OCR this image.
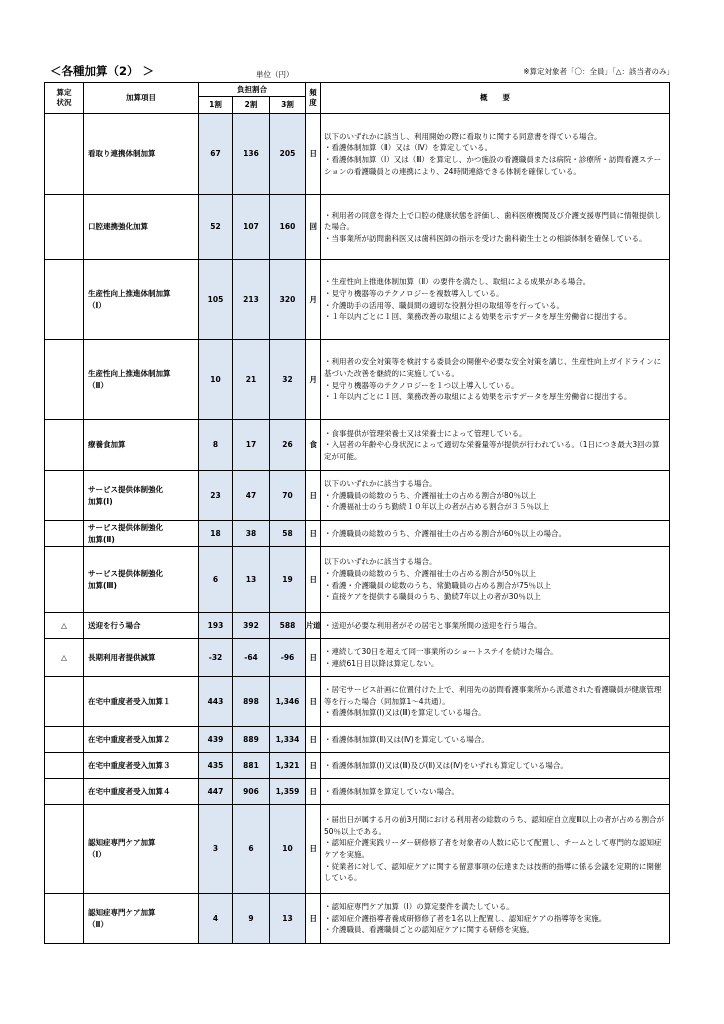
＜各種加算（2） ＞	単位（円）	※算定対象者「〇：全員」「△：該当者のみ」
算定
状況	加算項目	負担割合			頻
度	概　　要
		1割	2割	3割		
	看取り連携体制加算	67	136	205	日	以下のいずれかに該当し、利用開始の際に看取りに関する同意書を得ている場合。
・看護体制加算（Ⅱ）又は（Ⅳ）を算定している。
・看護体制加算（Ⅰ）又は（Ⅲ）を算定し、かつ施設の看護職員または病院・診療所・訪問看護ステーションの看護職員との連携により、24時間連絡できる体制を確保している。

	口腔連携強化加算	52	107	160	回	・利用者の同意を得た上で口腔の健康状態を評価し、歯科医療機関及び介護支援専門員に情報提供した場合。
・当事業所が訪問歯科医又は歯科医師の指示を受けた歯科衛生士との相談体制を確保している。

	生産性向上推進体制加算
（Ⅰ）	105	213	320	月	・生産性向上推進体制加算（Ⅱ）の要件を満たし、取組による成果がある場合。
・見守り機器等のテクノロジーを複数導入している。
・介護助手の活用等、職員間の適切な役割分担の取組等を行っている。
・１年以内ごとに１回、業務改善の取組による効果を示すデータを厚生労働省に提出する。

	生産性向上推進体制加算
（Ⅱ）	10	21	32	月	・利用者の安全対策等を検討する委員会の開催や必要な安全対策を講じ、生産性向上ガイドラインに基づいた改善を継続的に実施している。
・見守り機器等のテクノロジーを１つ以上導入している。
・１年以内ごとに１回、業務改善の取組による効果を示すデータを厚生労働省に提出する。

	療養食加算	8	17	26	食	・食事提供が管理栄養士又は栄養士によって管理している。
・入居者の年齢や心身状況によって適切な栄養量等が提供が行われている。（1日につき最大3回の算定が可能。

	サービス提供体制強化
加算(Ⅰ)	23	47	70	日	以下のいずれかに該当する場合。
・介護職員の総数のうち、介護福祉士の占める割合が80％以上
・介護福祉士のうち勤続１０年以上の者が占める割合が３５％以上

	サービス提供体制強化
加算(Ⅱ)	18	38	58	日	・介護職員の総数のうち、介護福祉士の占める割合が60％以上の場合。

	サービス提供体制強化
加算(Ⅲ)	6	13	19	日	以下のいずれかに該当する場合。
・介護職員の総数のうち、介護福祉士の占める割合が50％以上
・看護・介護職員の総数のうち、常勤職員の占める割合が75％以上
・直接ケアを提供する職員のうち、勤続7年以上の者が30％以上

△	送迎を行う場合	193	392	588	片道	・送迎が必要な利用者がその居宅と事業所間の送迎を行う場合。

△	長期利用者提供減算	-32	-64	-96	日	・連続して30日を超えて同一事業所のショートステイを続けた場合。
・連続61日目以降は算定しない。

	在宅中重度者受入加算１	443	898	1,346	日	・居宅サービス計画に位置付けた上で、利用先の訪問看護事業所から派遣された看護職員が健康管理等を行った場合（同加算1～4共通）。
・看護体制加算(Ⅰ)又は(Ⅲ)を算定している場合。

	在宅中重度者受入加算２	439	889	1,334	日	・看護体制加算(Ⅱ)又は(Ⅳ)を算定している場合。

	在宅中重度者受入加算３	435	881	1,321	日	・看護体制加算(Ⅰ)又は(Ⅲ)及び(Ⅱ)又は(Ⅳ)をいずれも算定している場合。

	在宅中重度者受入加算４	447	906	1,359	日	・看護体制加算を算定していない場合。

	認知症専門ケア加算
（Ⅰ）	3	6	10	日	・届出日が属する月の前3月間における利用者の総数のうち、認知症自立度Ⅲ以上の者が占める割合が50％以上である。
・認知症介護実践リーダー研修修了者を対象者の人数に応じて配置し、チームとして専門的な認知症ケアを実施。
・従業者に対して、認知症ケアに関する留意事項の伝達または技術的指導に係る会議を定期的に開催している。

	認知症専門ケア加算
（Ⅱ）	4	9	13	日	・認知症専門ケア加算（Ⅰ）の算定要件を満たしている。
・認知症介護指導者養成研修修了者を1名以上配置し、認知症ケアの指導等を実施。
・介護職員、看護職員ごとの認知症ケアに関する研修を実施。
